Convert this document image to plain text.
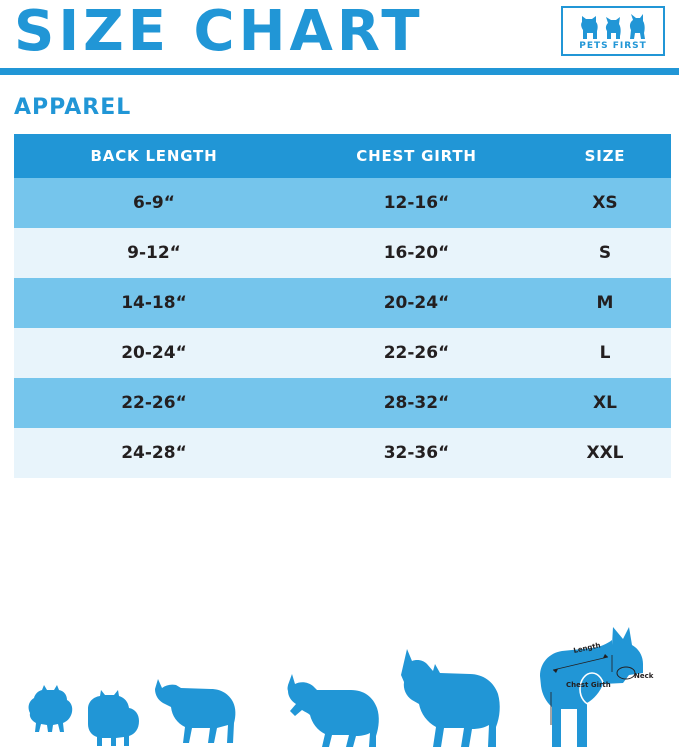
SIZE CHART	PETS FIRST
APPAREL
BACK LENGTH	CHEST GIRTH	SIZE
6-9“	12-16“	XS
9-12“	16-20“	S
14-18“	20-24“	M
20-24“	22-26“	L
22-26“	28-32“	XL
24-28“	32-36“	XXL
Length
Chest Girth
Neck
